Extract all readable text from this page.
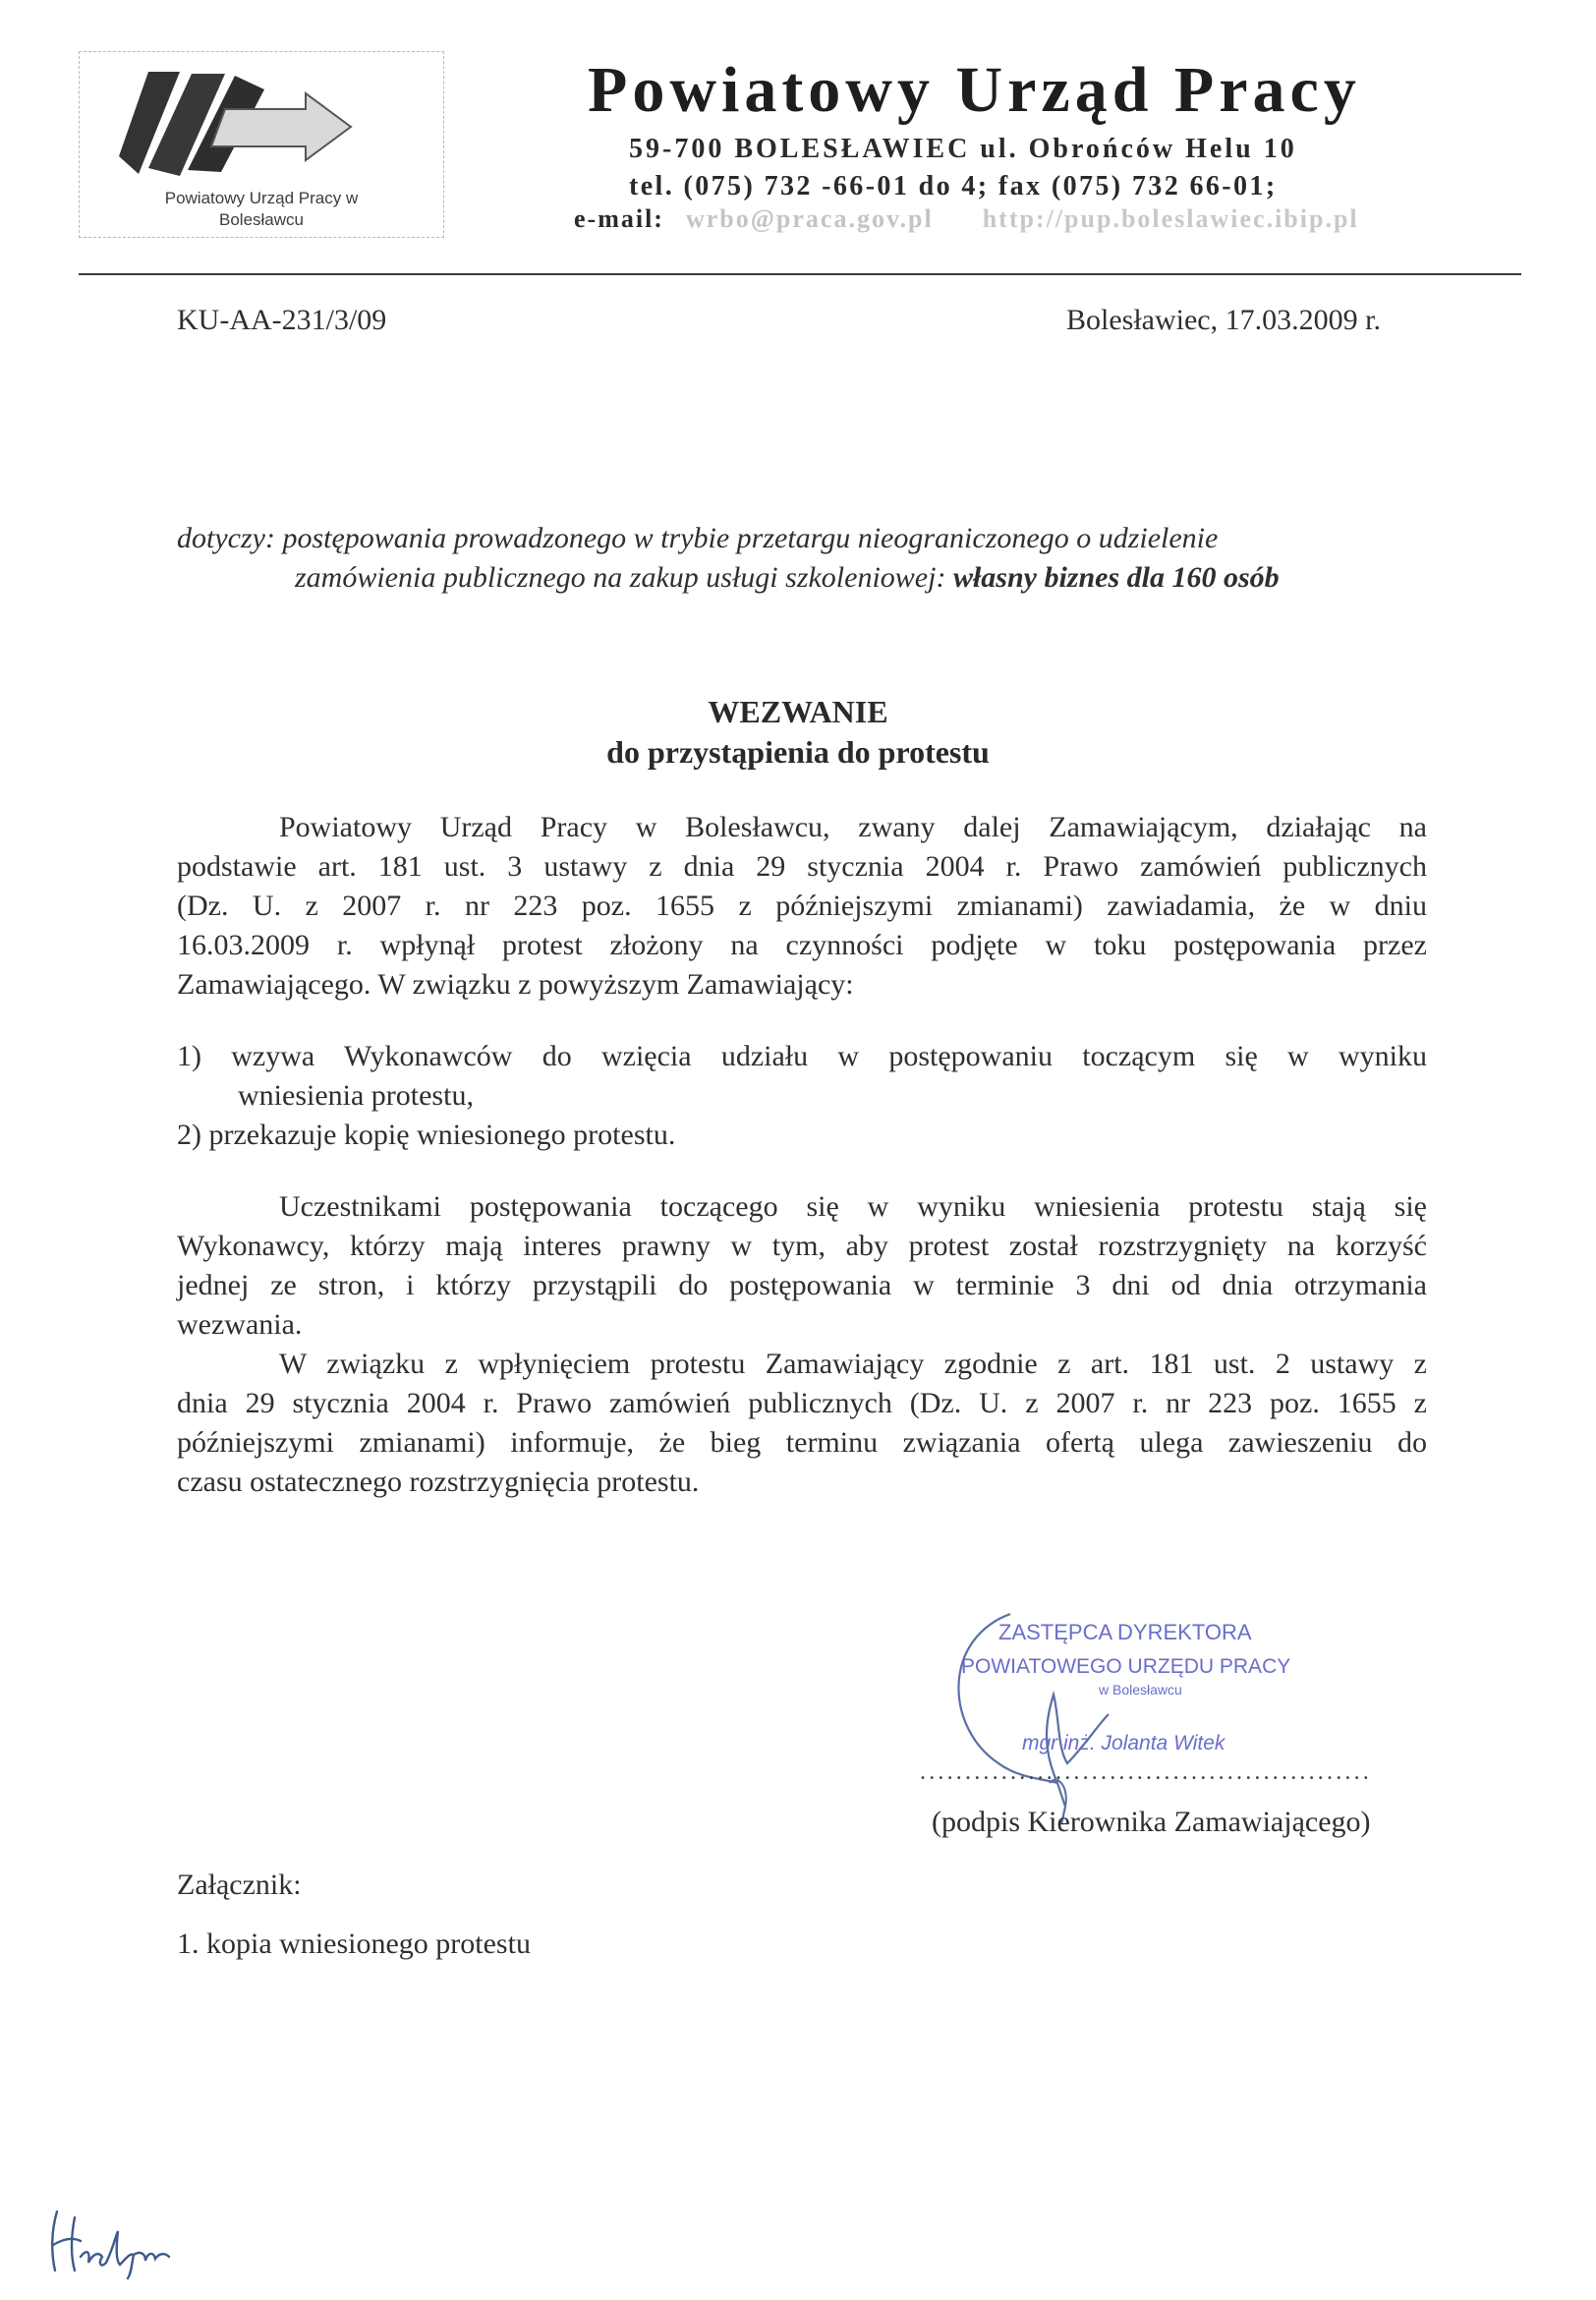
Powiatowy Urząd Pracy w
Bolesławcu
Powiatowy Urząd Pracy
59-700 BOLESŁAWIEC ul. Obrońców Helu 10
tel. (075) 732 -66-01 do 4; fax (075) 732 66-01;
e-mail: wrbo@praca.gov.pl http://pup.boleslawiec.ibip.pl
KU-AA-231/3/09	Bolesławiec, 17.03.2009 r.
dotyczy: postępowania prowadzonego w trybie przetargu nieograniczonego o udzielenie
zamówienia publicznego na zakup usługi szkoleniowej: własny biznes dla 160 osób
WEZWANIE
do przystąpienia do protestu
Powiatowy Urząd Pracy w Bolesławcu, zwany dalej Zamawiającym, działając na
podstawie art. 181 ust. 3 ustawy z dnia 29 stycznia 2004 r. Prawo zamówień publicznych
(Dz. U. z 2007 r. nr 223 poz. 1655 z późniejszymi zmianami) zawiadamia, że w dniu
16.03.2009 r. wpłynął protest złożony na czynności podjęte w toku postępowania przez
Zamawiającego. W związku z powyższym Zamawiający:
1) wzywa Wykonawców do wzięcia udziału w postępowaniu toczącym się w wyniku
wniesienia protestu,
2) przekazuje kopię wniesionego protestu.
Uczestnikami postępowania toczącego się w wyniku wniesienia protestu stają się
Wykonawcy, którzy mają interes prawny w tym, aby protest został rozstrzygnięty na korzyść
jednej ze stron, i którzy przystąpili do postępowania w terminie 3 dni od dnia otrzymania
wezwania.
W związku z wpłynięciem protestu Zamawiający zgodnie z art. 181 ust. 2 ustawy z
dnia 29 stycznia 2004 r. Prawo zamówień publicznych (Dz. U. z 2007 r. nr 223 poz. 1655 z
późniejszymi zmianami) informuje, że bieg terminu związania ofertą ulega zawieszeniu do
czasu ostatecznego rozstrzygnięcia protestu.
ZASTĘPCA DYREKTORA
POWIATOWEGO URZĘDU PRACY
w Bolesławcu
mgr inż. Jolanta Witek
..................................................
(podpis Kierownika Zamawiającego)
Załącznik:
1. kopia wniesionego protestu
